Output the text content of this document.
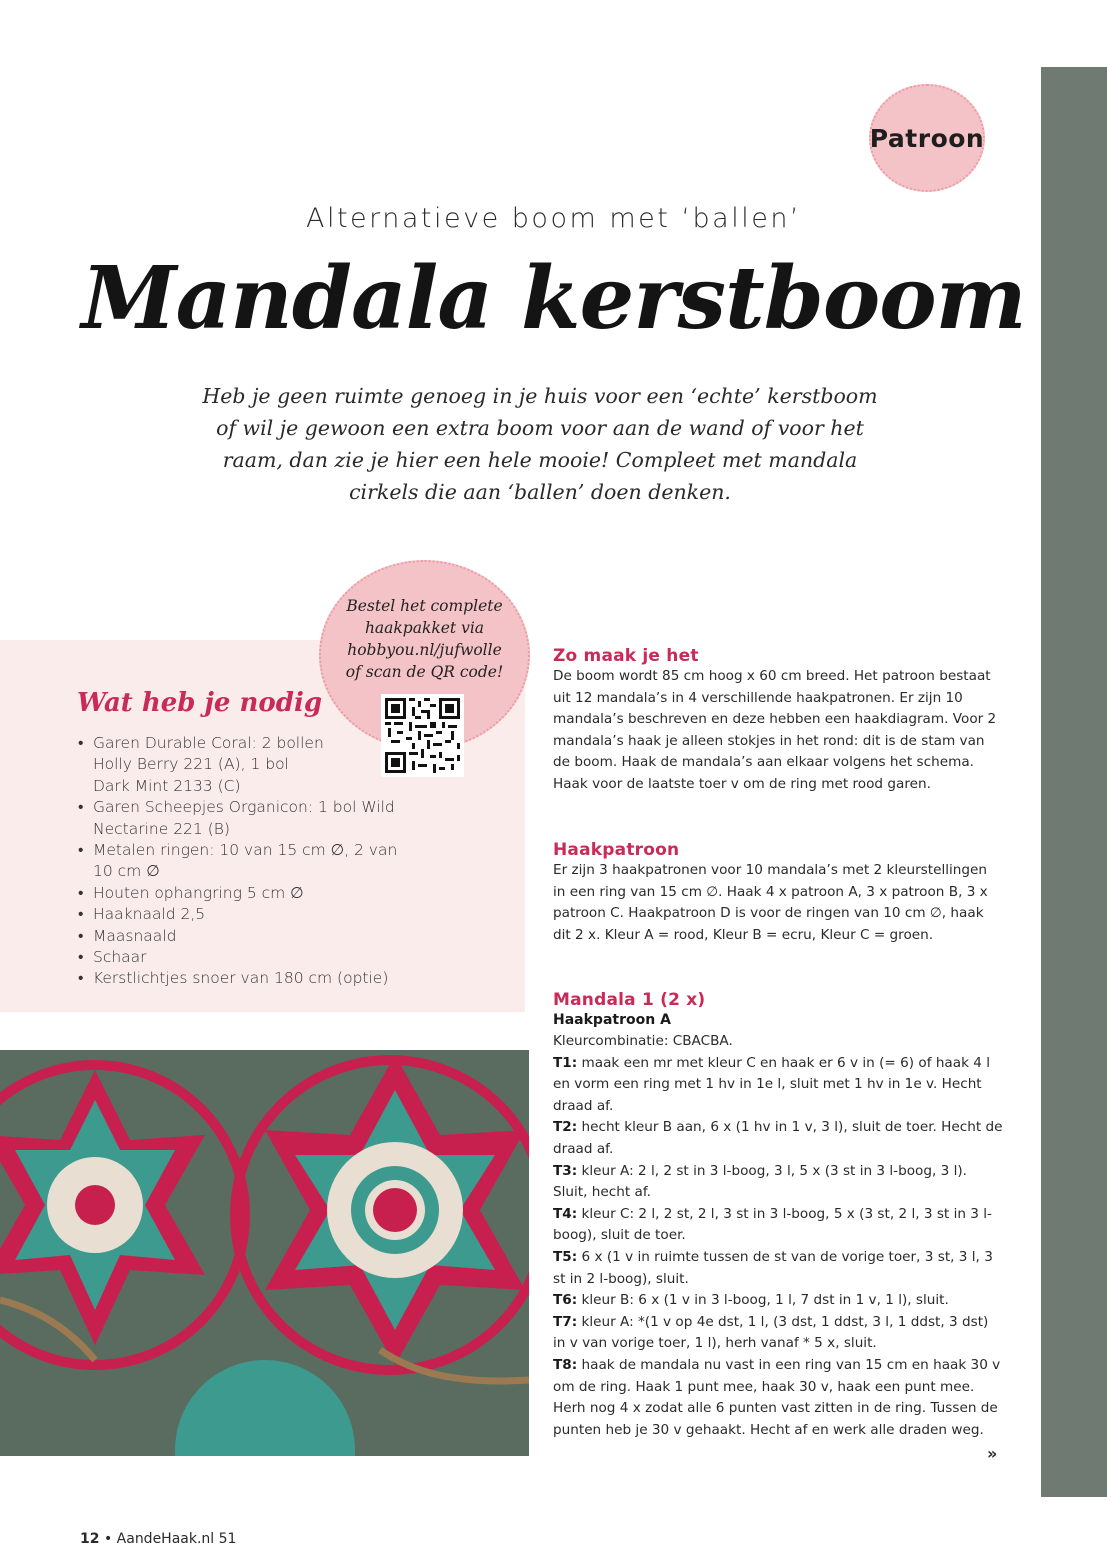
Patroon
Alternatieve boom met ‘ballen’
Mandala kerstboom
Heb je geen ruimte genoeg in je huis voor een ‘echte’ kerstboom of wil je gewoon een extra boom voor aan de wand of voor het raam, dan zie je hier een hele mooie! Compleet met mandala cirkels die aan ‘ballen’ doen denken.
Wat heb je nodig
• Garen Durable Coral: 2 bollen
Holly Berry 221 (A), 1 bol
Dark Mint 2133 (C)
• Garen Scheepjes Organicon: 1 bol Wild
Nectarine 221 (B)
• Metalen ringen: 10 van 15 cm ∅, 2 van
10 cm ∅
• Houten ophangring 5 cm ∅
• Haaknaald 2,5
• Maasnaald
• Schaar
• Kerstlichtjes snoer van 180 cm (optie)
Bestel het complete
haakpakket via
hobbyou.nl/jufwolle
of scan de QR code!
Zo maak je het
De boom wordt 85 cm hoog x 60 cm breed. Het patroon bestaat uit 12 mandala’s in 4 verschillende haakpatronen. Er zijn 10 mandala’s beschreven en deze hebben een haakdiagram. Voor 2 mandala’s haak je alleen stokjes in het rond: dit is de stam van de boom. Haak de mandala’s aan elkaar volgens het schema. Haak voor de laatste toer v om de ring met rood garen.
Haakpatroon
Er zijn 3 haakpatronen voor 10 mandala’s met 2 kleurstellingen in een ring van 15 cm ∅. Haak 4 x patroon A, 3 x patroon B, 3 x patroon C. Haakpatroon D is voor de ringen van 10 cm ∅, haak dit 2 x. Kleur A = rood, Kleur B = ecru, Kleur C = groen.
Mandala 1 (2 x)
Haakpatroon A
Kleurcombinatie: CBACBA.
T1: maak een mr met kleur C en haak er 6 v in (= 6) of haak 4 l en vorm een ring met 1 hv in 1e l, sluit met 1 hv in 1e v. Hecht draad af.
T2: hecht kleur B aan, 6 x (1 hv in 1 v, 3 l), sluit de toer. Hecht de draad af.
T3: kleur A: 2 l, 2 st in 3 l-boog, 3 l, 5 x (3 st in 3 l-boog, 3 l). Sluit, hecht af.
T4: kleur C: 2 l, 2 st, 2 l, 3 st in 3 l-boog, 5 x (3 st, 2 l, 3 st in 3 l-boog), sluit de toer.
T5: 6 x (1 v in ruimte tussen de st van de vorige toer, 3 st, 3 l, 3 st in 2 l-boog), sluit.
T6: kleur B: 6 x (1 v in 3 l-boog, 1 l, 7 dst in 1 v, 1 l), sluit.
T7: kleur A: *(1 v op 4e dst, 1 l, (3 dst, 1 ddst, 3 l, 1 ddst, 3 dst) in v van vorige toer, 1 l), herh vanaf * 5 x, sluit.
T8: haak de mandala nu vast in een ring van 15 cm en haak 30 v om de ring. Haak 1 punt mee, haak 30 v, haak een punt mee. Herh nog 4 x zodat alle 6 punten vast zitten in de ring. Tussen de punten heb je 30 v gehaakt. Hecht af en werk alle draden weg.
»
12 • AandeHaak.nl 51
